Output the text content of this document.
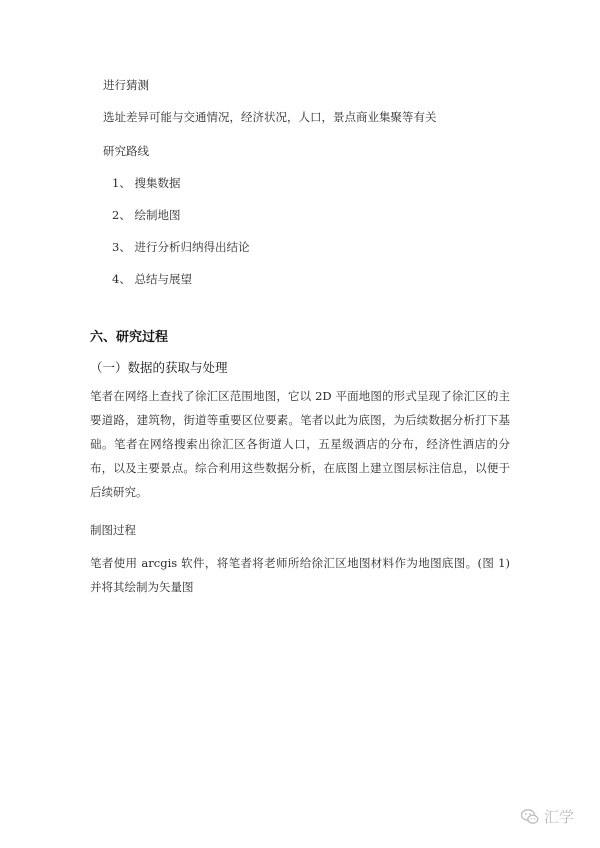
进行猜测
选址差异可能与交通情况，经济状况，人口，景点商业集聚等有关
研究路线
1、 搜集数据
2、 绘制地图
3、 进行分析归纳得出结论
4、 总结与展望
六、研究过程
（一）数据的获取与处理
笔者在网络上查找了徐汇区范围地图，它以 2D 平面地图的形式呈现了徐汇区的主要道路，建筑物，街道等重要区位要素。笔者以此为底图，为后续数据分析打下基础。笔者在网络搜索出徐汇区各街道人口，五星级酒店的分布，经济性酒店的分布，以及主要景点。综合利用这些数据分析，在底图上建立图层标注信息，以便于后续研究。
制图过程
笔者使用 arcgis 软件，将笔者将老师所给徐汇区地图材料作为地图底图。(图 1) 并将其绘制为矢量图
汇学
